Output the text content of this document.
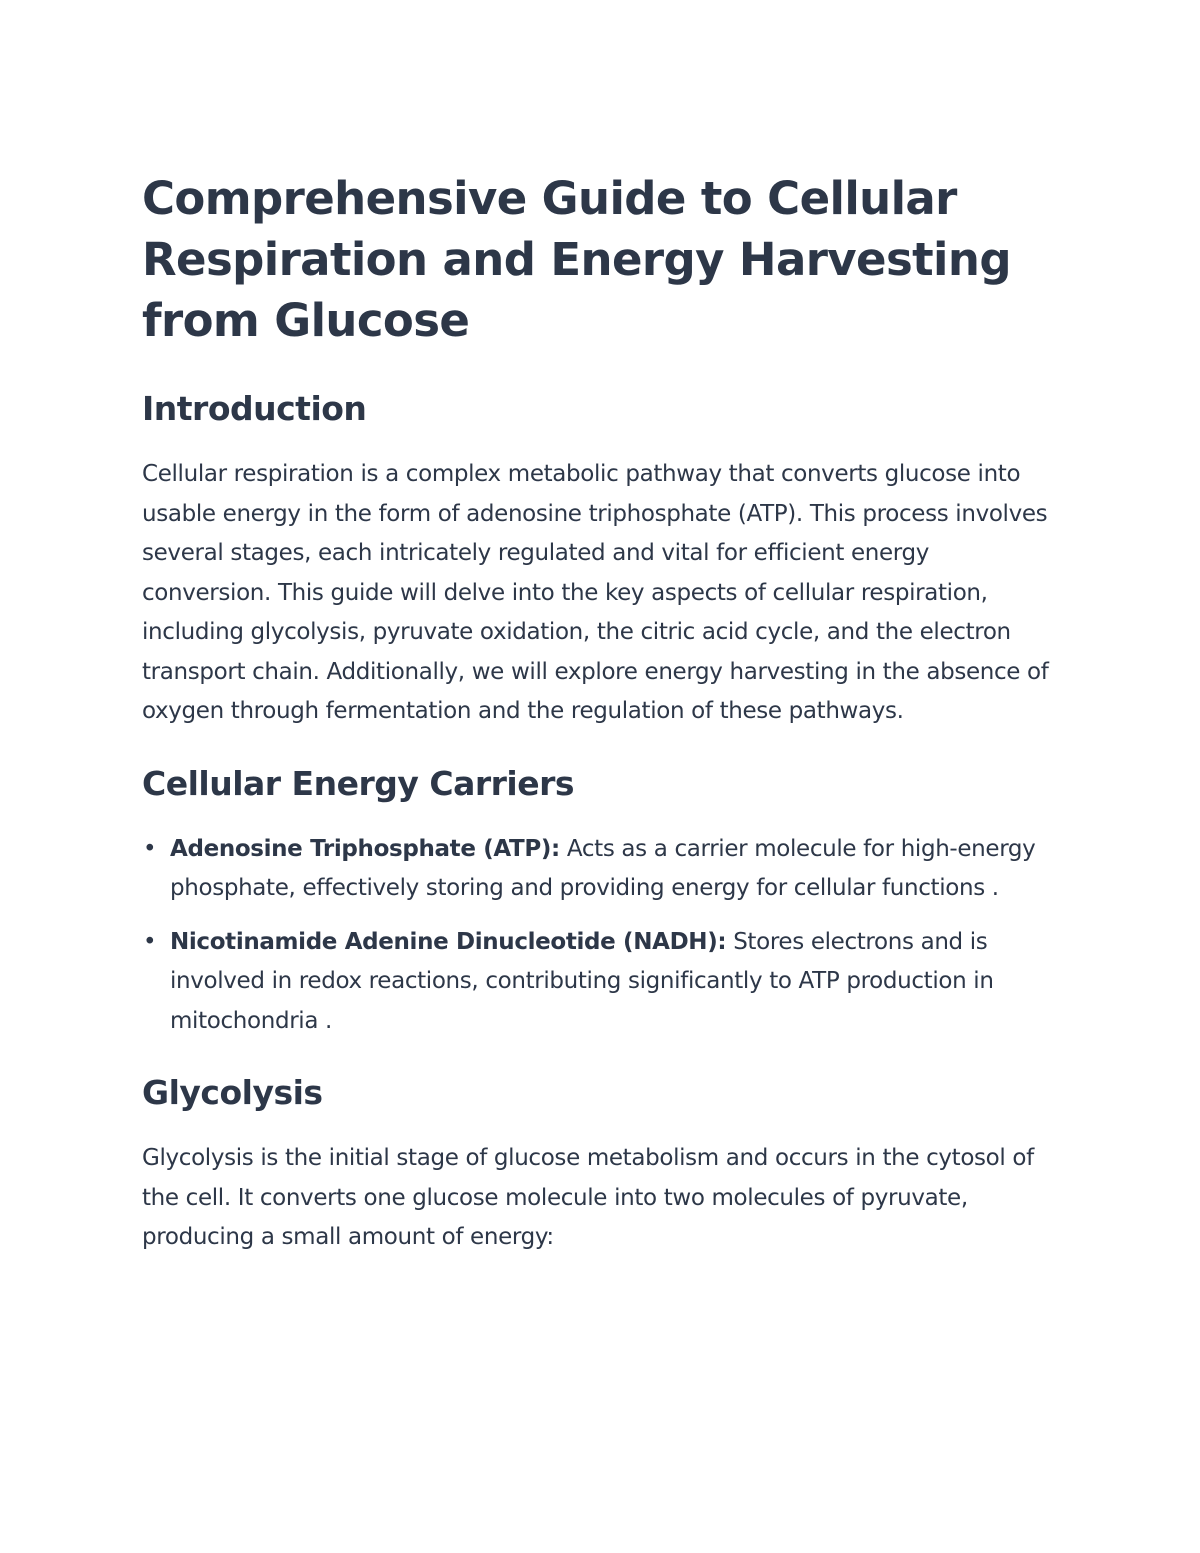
Comprehensive Guide to Cellular Respiration and Energy Harvesting from Glucose
Introduction

Cellular respiration is a complex metabolic pathway that converts glucose into usable energy in the form of adenosine triphosphate (ATP). This process involves several stages, each intricately regulated and vital for efficient energy conversion. This guide will delve into the key aspects of cellular respiration, including glycolysis, pyruvate oxidation, the citric acid cycle, and the electron transport chain. Additionally, we will explore energy harvesting in the absence of oxygen through fermentation and the regulation of these pathways.

Cellular Energy Carriers
• Adenosine Triphosphate (ATP): Acts as a carrier molecule for high-energy phosphate, effectively storing and providing energy for cellular functions .
• Nicotinamide Adenine Dinucleotide (NADH): Stores electrons and is involved in redox reactions, contributing significantly to ATP production in mitochondria .
Glycolysis

Glycolysis is the initial stage of glucose metabolism and occurs in the cytosol of the cell. It converts one glucose molecule into two molecules of pyruvate, producing a small amount of energy:
